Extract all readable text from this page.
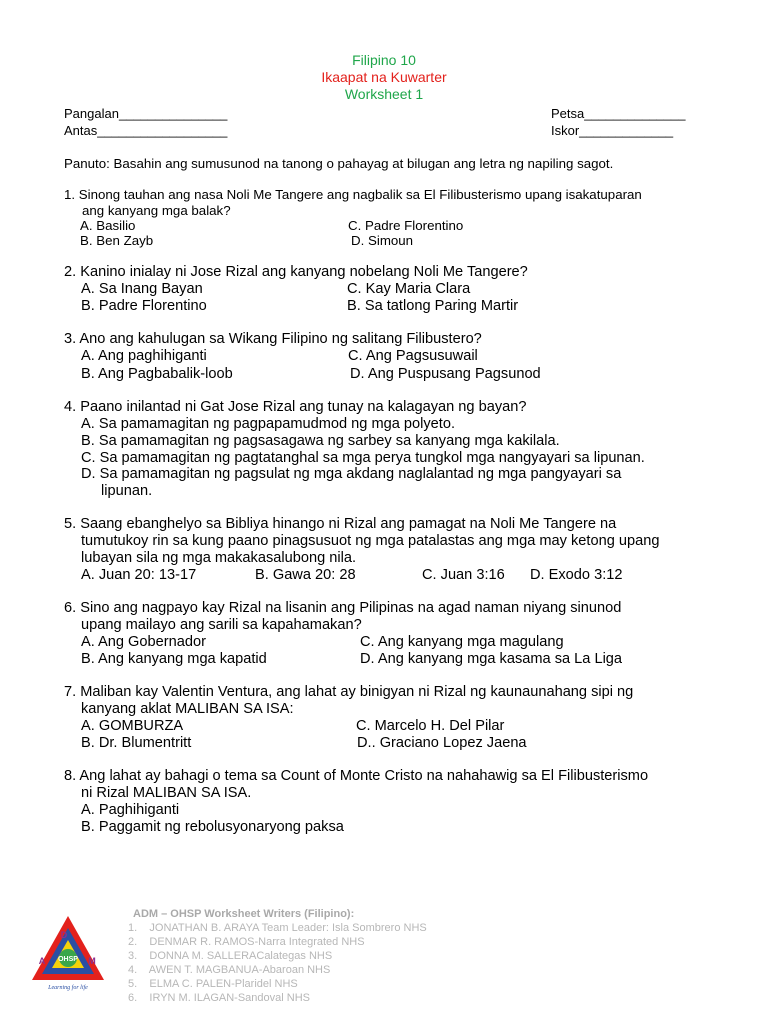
Filipino 10
Ikaapat na Kuwarter
Worksheet 1
Pangalan_______________
Antas__________________
Petsa______________
Iskor_____________
Panuto: Basahin ang sumusunod na tanong o pahayag at bilugan ang letra ng napiling sagot.
1. Sinong tauhan ang nasa Noli Me Tangere ang nagbalik sa El Filibusterismo upang isakatuparan
ang kanyang mga balak?
A. Basilio	C. Padre Florentino
B. Ben Zayb	D. Simoun
2. Kanino inialay ni Jose Rizal ang kanyang nobelang Noli Me Tangere?
A. Sa Inang Bayan	C. Kay Maria Clara
B. Padre Florentino	B. Sa tatlong Paring Martir
3. Ano ang kahulugan sa Wikang Filipino ng salitang Filibustero?
A. Ang paghihiganti	C. Ang Pagsusuwail
B. Ang Pagbabalik-loob	D. Ang Puspusang Pagsunod
4. Paano inilantad ni Gat Jose Rizal ang tunay na kalagayan ng bayan?
A. Sa pamamagitan ng pagpapamudmod ng mga polyeto.
B. Sa pamamagitan ng pagsasagawa ng sarbey sa kanyang mga kakilala.
C. Sa pamamagitan ng pagtatanghal sa mga perya tungkol mga nangyayari sa lipunan.
D. Sa pamamagitan ng pagsulat ng mga akdang naglalantad ng mga pangyayari sa
lipunan.
5. Saang ebanghelyo sa Bibliya hinango ni Rizal ang pamagat na Noli Me Tangere na
tumutukoy rin sa kung paano pinagsusuot ng mga patalastas ang mga may ketong upang
lubayan sila ng mga makakasalubong nila.
A. Juan 20: 13-17	B. Gawa 20: 28	C. Juan 3:16 D. Exodo 3:12
6. Sino ang nagpayo kay Rizal na lisanin ang Pilipinas na agad naman niyang sinunod
upang mailayo ang sarili sa kapahamakan?
A. Ang Gobernador	C. Ang kanyang mga magulang
B. Ang kanyang mga kapatid	D. Ang kanyang mga kasama sa La Liga
7. Maliban kay Valentin Ventura, ang lahat ay binigyan ni Rizal ng kaunaunahang sipi ng
kanyang aklat MALIBAN SA ISA:
A. GOMBURZA	C. Marcelo H. Del Pilar
B. Dr. Blumentritt	D.. Graciano Lopez Jaena
8. Ang lahat ay bahagi o tema sa Count of Monte Cristo na nahahawig sa El Filibusterismo
ni Rizal MALIBAN SA ISA.
A. Paghihiganti
B. Paggamit ng rebolusyonaryong paksa
OHSP
A
D
M
Learning for life
ADM – OHSP Worksheet Writers (Filipino):
1.    JONATHAN B. ARAYA Team Leader: Isla Sombrero NHS
2.    DENMAR R. RAMOS-Narra Integrated NHS
3.    DONNA M. SALLERACalategas NHS
4.    AWEN T. MAGBANUA-Abaroan NHS
5.    ELMA C. PALEN-Plaridel NHS
6.    IRYN M. ILAGAN-Sandoval NHS
